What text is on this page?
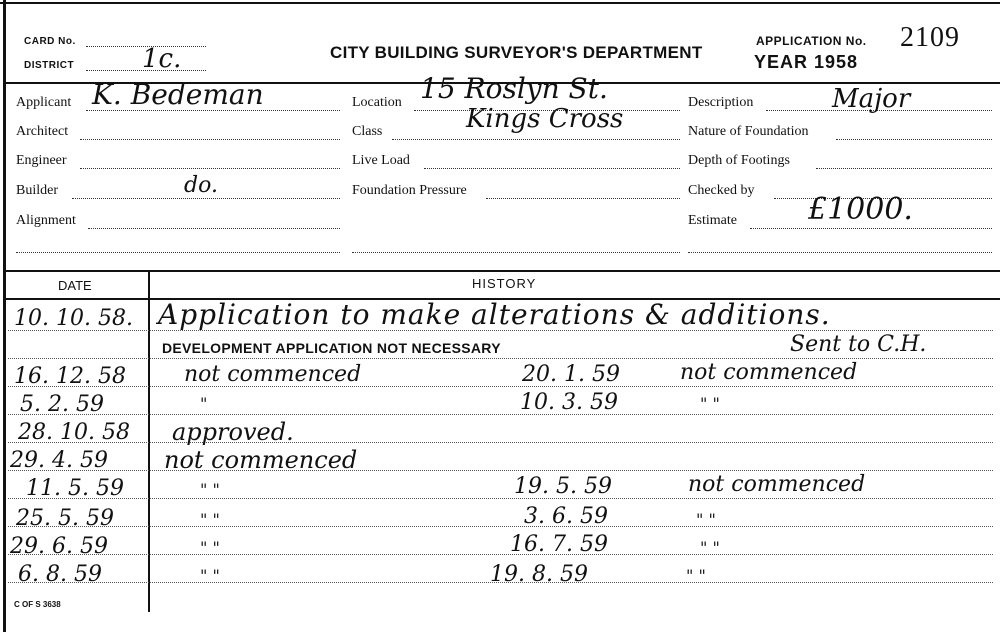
CARD No.
DISTRICT	1c.	CITY BUILDING SURVEYOR'S DEPARTMENT
APPLICATION No. 2109
YEAR 1958
Applicant K. Bedeman
Architect
Engineer
Builder	do.
Alignment
Location 15 Roslyn St.
Class	Kings Cross
Live Load
Foundation Pressure
Description	Major
Nature of Foundation
Depth of Footings
Checked by
Estimate £1000.
DATE	HISTORY
10. 10. 58. Application to make alterations & additions.
DEVELOPMENT APPLICATION NOT NECESSARY	Sent to C.H.
16. 12. 58	not commenced	20. 1. 59	not commenced
5. 2. 59	"	10. 3. 59	" "
28. 10. 58 approved.
29. 4. 59 not commenced
11. 5. 59	" "	19. 5. 59	not commenced
25. 5. 59	" "	3. 6. 59	" "
29. 6. 59	" "	16. 7. 59	" "
6. 8. 59	" "	19. 8. 59	" "
C OF S 3638
